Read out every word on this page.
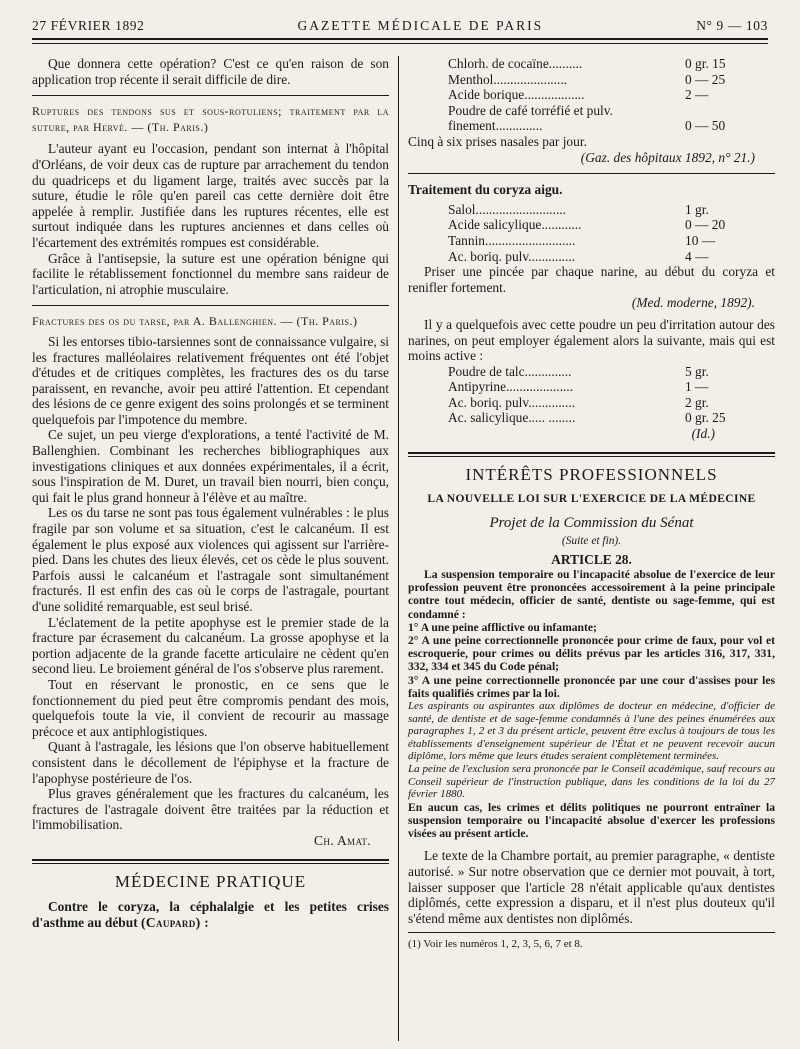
27 FÉVRIER 1892	GAZETTE MÉDICALE DE PARIS	N° 9 — 103

Que donnera cette opération? C'est ce qu'en raison de son application trop récente il serait difficile de dire.

Ruptures des tendons sus et sous-rotuliens; traitement par la suture, par Hervé. — (Th. Paris.)

L'auteur ayant eu l'occasion, pendant son internat à l'hôpital d'Orléans, de voir deux cas de rupture par arrachement du tendon du quadriceps et du ligament large, traités avec succès par la suture, étudie le rôle qu'en pareil cas cette dernière doit être appelée à remplir. Justifiée dans les ruptures récentes, elle est surtout indiquée dans les ruptures anciennes et dans celles où l'écartement des extrémités rompues est considérable.

Grâce à l'antisepsie, la suture est une opération bénigne qui facilite le rétablissement fonctionnel du membre sans raideur de l'articulation, ni atrophie musculaire.

Fractures des os du tarse, par A. Ballenghien. — (Th. Paris.)

Si les entorses tibio-tarsiennes sont de connaissance vulgaire, si les fractures malléolaires relativement fréquentes ont été l'objet d'études et de critiques complètes, les fractures des os du tarse paraissent, en revanche, avoir peu attiré l'attention. Et cependant des lésions de ce genre exigent des soins prolongés et se terminent quelquefois par l'impotence du membre.

Ce sujet, un peu vierge d'explorations, a tenté l'activité de M. Ballenghien. Combinant les recherches bibliographiques aux investigations cliniques et aux données expérimentales, il a écrit, sous l'inspiration de M. Duret, un travail bien nourri, bien conçu, qui fait le plus grand honneur à l'élève et au maître.

Les os du tarse ne sont pas tous également vulnérables : le plus fragile par son volume et sa situation, c'est le calcanéum. Il est également le plus exposé aux violences qui agissent sur l'arrière-pied. Dans les chutes des lieux élevés, cet os cède le plus souvent. Parfois aussi le calcanéum et l'astragale sont simultanément fracturés. Il est enfin des cas où le corps de l'astragale, pourtant d'une solidité remarquable, est seul brisé.

L'éclatement de la petite apophyse est le premier stade de la fracture par écrasement du calcanéum. La grosse apophyse et la portion adjacente de la grande facette articulaire ne cèdent qu'en second lieu. Le broiement général de l'os s'observe plus rarement.

Tout en réservant le pronostic, en ce sens que le fonctionnement du pied peut être compromis pendant des mois, quelquefois toute la vie, il convient de recourir au massage précoce et aux antiphlogistiques.

Quant à l'astragale, les lésions que l'on observe habituellement consistent dans le décollement de l'épiphyse et la fracture de l'apophyse postérieure de l'os.

Plus graves généralement que les fractures du calcanéum, les fractures de l'astragale doivent être traitées par la réduction et l'immobilisation.

Ch. Amat.

MÉDECINE PRATIQUE

Contre le coryza, la céphalalgie et les petites crises d'asthme au début (Caupard) :

Chlorh. de cocaïne..........	0 gr. 15
Menthol......................	0 — 25
Acide borique..................	2 —
Poudre de café torréfié et pulv.	
finement..............	0 — 50

Cinq à six prises nasales par jour.

(Gaz. des hôpitaux 1892, n° 21.)

Traitement du coryza aigu.

Salol...........................	1 gr.
Acide salicylique............	0 — 20
Tannin...........................	10 —
Ac. boriq. pulv..............	4 —

Priser une pincée par chaque narine, au début du coryza et renifler fortement.

(Med. moderne, 1892).

Il y a quelquefois avec cette poudre un peu d'irritation autour des narines, on peut employer également alors la suivante, mais qui est moins active :

Poudre de talc..............	5 gr.
Antipyrine....................	1 —
Ac. boriq. pulv..............	2 gr.
Ac. salicylique..... ........	0 gr. 25

(Id.)

INTÉRÊTS PROFESSIONNELS

LA NOUVELLE LOI SUR L'EXERCICE DE LA MÉDECINE

Projet de la Commission du Sénat

(Suite et fin).

ARTICLE 28.

La suspension temporaire ou l'incapacité absolue de l'exercice de leur profession peuvent être prononcées accessoirement à la peine principale contre tout médecin, officier de santé, dentiste ou sage-femme, qui est condamné :

1° A une peine afflictive ou infamante;

2° A une peine correctionnelle prononcée pour crime de faux, pour vol et escroquerie, pour crimes ou délits prévus par les articles 316, 317, 331, 332, 334 et 345 du Code pénal;

3° A une peine correctionnelle prononcée par une cour d'assises pour les faits qualifiés crimes par la loi.

Les aspirants ou aspirantes aux diplômes de docteur en médecine, d'officier de santé, de dentiste et de sage-femme condamnés à l'une des peines énumérées aux paragraphes 1, 2 et 3 du présent article, peuvent être exclus à toujours de tous les établissements d'enseignement supérieur de l'État et ne peuvent recevoir aucun diplôme, lors même que leurs études seraient complètement terminées.

La peine de l'exclusion sera prononcée par le Conseil académique, sauf recours au Conseil supérieur de l'instruction publique, dans les conditions de la loi du 27 février 1880.

En aucun cas, les crimes et délits politiques ne pourront entraîner la suspension temporaire ou l'incapacité absolue d'exercer les professions visées au présent article.

Le texte de la Chambre portait, au premier paragraphe, « dentiste autorisé. » Sur notre observation que ce dernier mot pouvait, à tort, laisser supposer que l'article 28 n'était applicable qu'aux dentistes diplômés, cette expression a disparu, et il n'est plus douteux qu'il s'étend même aux dentistes non diplômés.

(1) Voir les numéros 1, 2, 3, 5, 6, 7 et 8.
